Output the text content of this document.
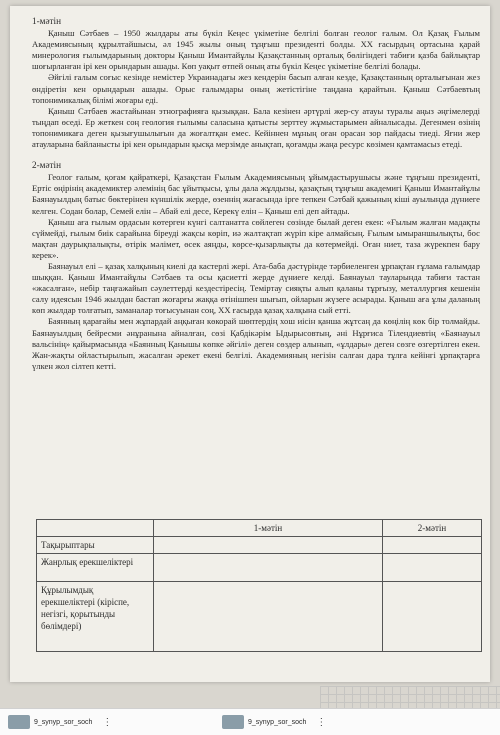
1-мәтін

Қаныш Сәтбаев – 1950 жылдары аты бүкіл Кеңес үкіметіне белгілі болған геолог ғалым. Ол Қазақ Ғылым Академиясының құрылтайшысы, әл 1945 жылы оның тұңғыш президенті болды. ХХ ғасырдың ортасына қарай минерология ғылымдарының докторы Қаныш Имантайұлы Қазақстанның орталық бөлігіндегі табиғи қазба байлықтар шоғырланған ірі кен орындарын ашады. Көп уақыт өтпей оның аты бүкіл Кеңес үкіметіне белгілі болады.

Әйгілі ғалым соғыс кезінде немістер Украинадағы жез кендерін басып алған кезде, Қазақстанның орталығынан жез өндіретін кен орындарын ашады. Орыс ғалымдары оның жетістігіне таңдана қарайтын. Қаныш Сәтбаевтың топонимикалық білімі жоғары еді.

Қаныш Сәтбаев жастайынан этнографияға қызыққан. Бала кезінен әртүрлі жер-су атауы туралы аңыз әңгімелерді тыңдап өседі. Ер жеткен соң геология ғылымы саласына қатысты зерттеу жұмыстарымен айналысады. Дегенмен өзінің топонимикаға деген қызығушылығын да жоғалтқан емес. Кейіннен мұның оған орасан зор пайдасы тиеді. Яғни жер атауларына байланысты ірі кен орындарын қысқа мерзімде анықтап, қоғамды жаңа ресурс көзімен қамтамасыз етеді.

2-мәтін

Геолог ғалым, қоғам қайраткері, Қазақстан Ғылым Академиясының ұйымдастырушысы және тұңғыш президенті, Ертіс өңірінің академиктер әлемінің бас ұйытқысы, ұлы дала жұлдызы, қазақтың тұңғыш академигі Қаныш Имантайұлы Баянауылдың батыс бөктерінен күншілік жерде, өзеннің жағасында ірге тепкен Сәтбай қажының кіші ауылында дүниеге келген. Содан болар, Семей елін – Абай елі десе, Керекү елін – Қаныш елі деп айтады.

Қаныш аға ғылым ордасын көтерген күнгі салтанатта сөйлеген сөзінде былай деген екен: «Ғылым жалған мадақты сүймейді, ғылым биік сарайына біреуді жақсы көріп, иә жалтақтап жүріп кіре алмайсың. Ғылым ымыраншылықты, бос мақтан даурықпалықты, өтірік мәлімет, өсек аяңды, көрсе-қызарлықты да көтермейді. Оған ниет, таза жүрекпен бару керек».

Баянауыл елі – қазақ халқының киелі да кастерлі жері. Ата-баба дәстүрінде тәрбиеленген ұрпақтан ғұлама ғалымдар шыққан. Қаныш Имантайұлы Сәтбаев та осы қасиетті жерде дүниеге келді. Баянауыл тауларында табиғи тастан «жасалған», небір таңғажайып сәулеттерді кездестіресің. Теміртау сияқты алып қаланы тұрғызу, металлургия кешенін салу идеясын 1946 жылдан бастап жоғарғы жаққа өтінішпен шығып, ойларын жүзеге асырады. Қаныш аға ұлы даланың көп жылдар толғатып, заманалар тоғысуынан соң, ХХ ғасырда қазақ халқына сый етті.

Баянның қарағайы мен жұпардай аңқыған көкорай шөптердің хош иісін қанша жұтсаң да көңілің көк бір толмайды. Баянауылдың бейресми әнұранына айналған, сөзі Қабдікәрім Ыдырысовтың, әні Нұрғиса Тілендиевтің «Баянауыл вальсінің» қайырмасында «Баянның Қанышы көпке әйгілі» деген сөздер алынып, «ұлдары» деген сөзге өзгертілген екен. Жан-жақты ойластырылып, жасалған әрекет екені белгілі. Академияның негізін салған дара тұлға кейінгі ұрпақтарға үлкен жол сілтеп кетті.

	1-мәтін	2-мәтін
Тақырыптары		
Жанрлық ерекшеліктері		
Құрылымдық ерекшеліктері (кіріспе, негізгі, қорытынды бөлімдері)		
9_synyp_sor_soch ⋮	9_synyp_sor_soch ⋮
